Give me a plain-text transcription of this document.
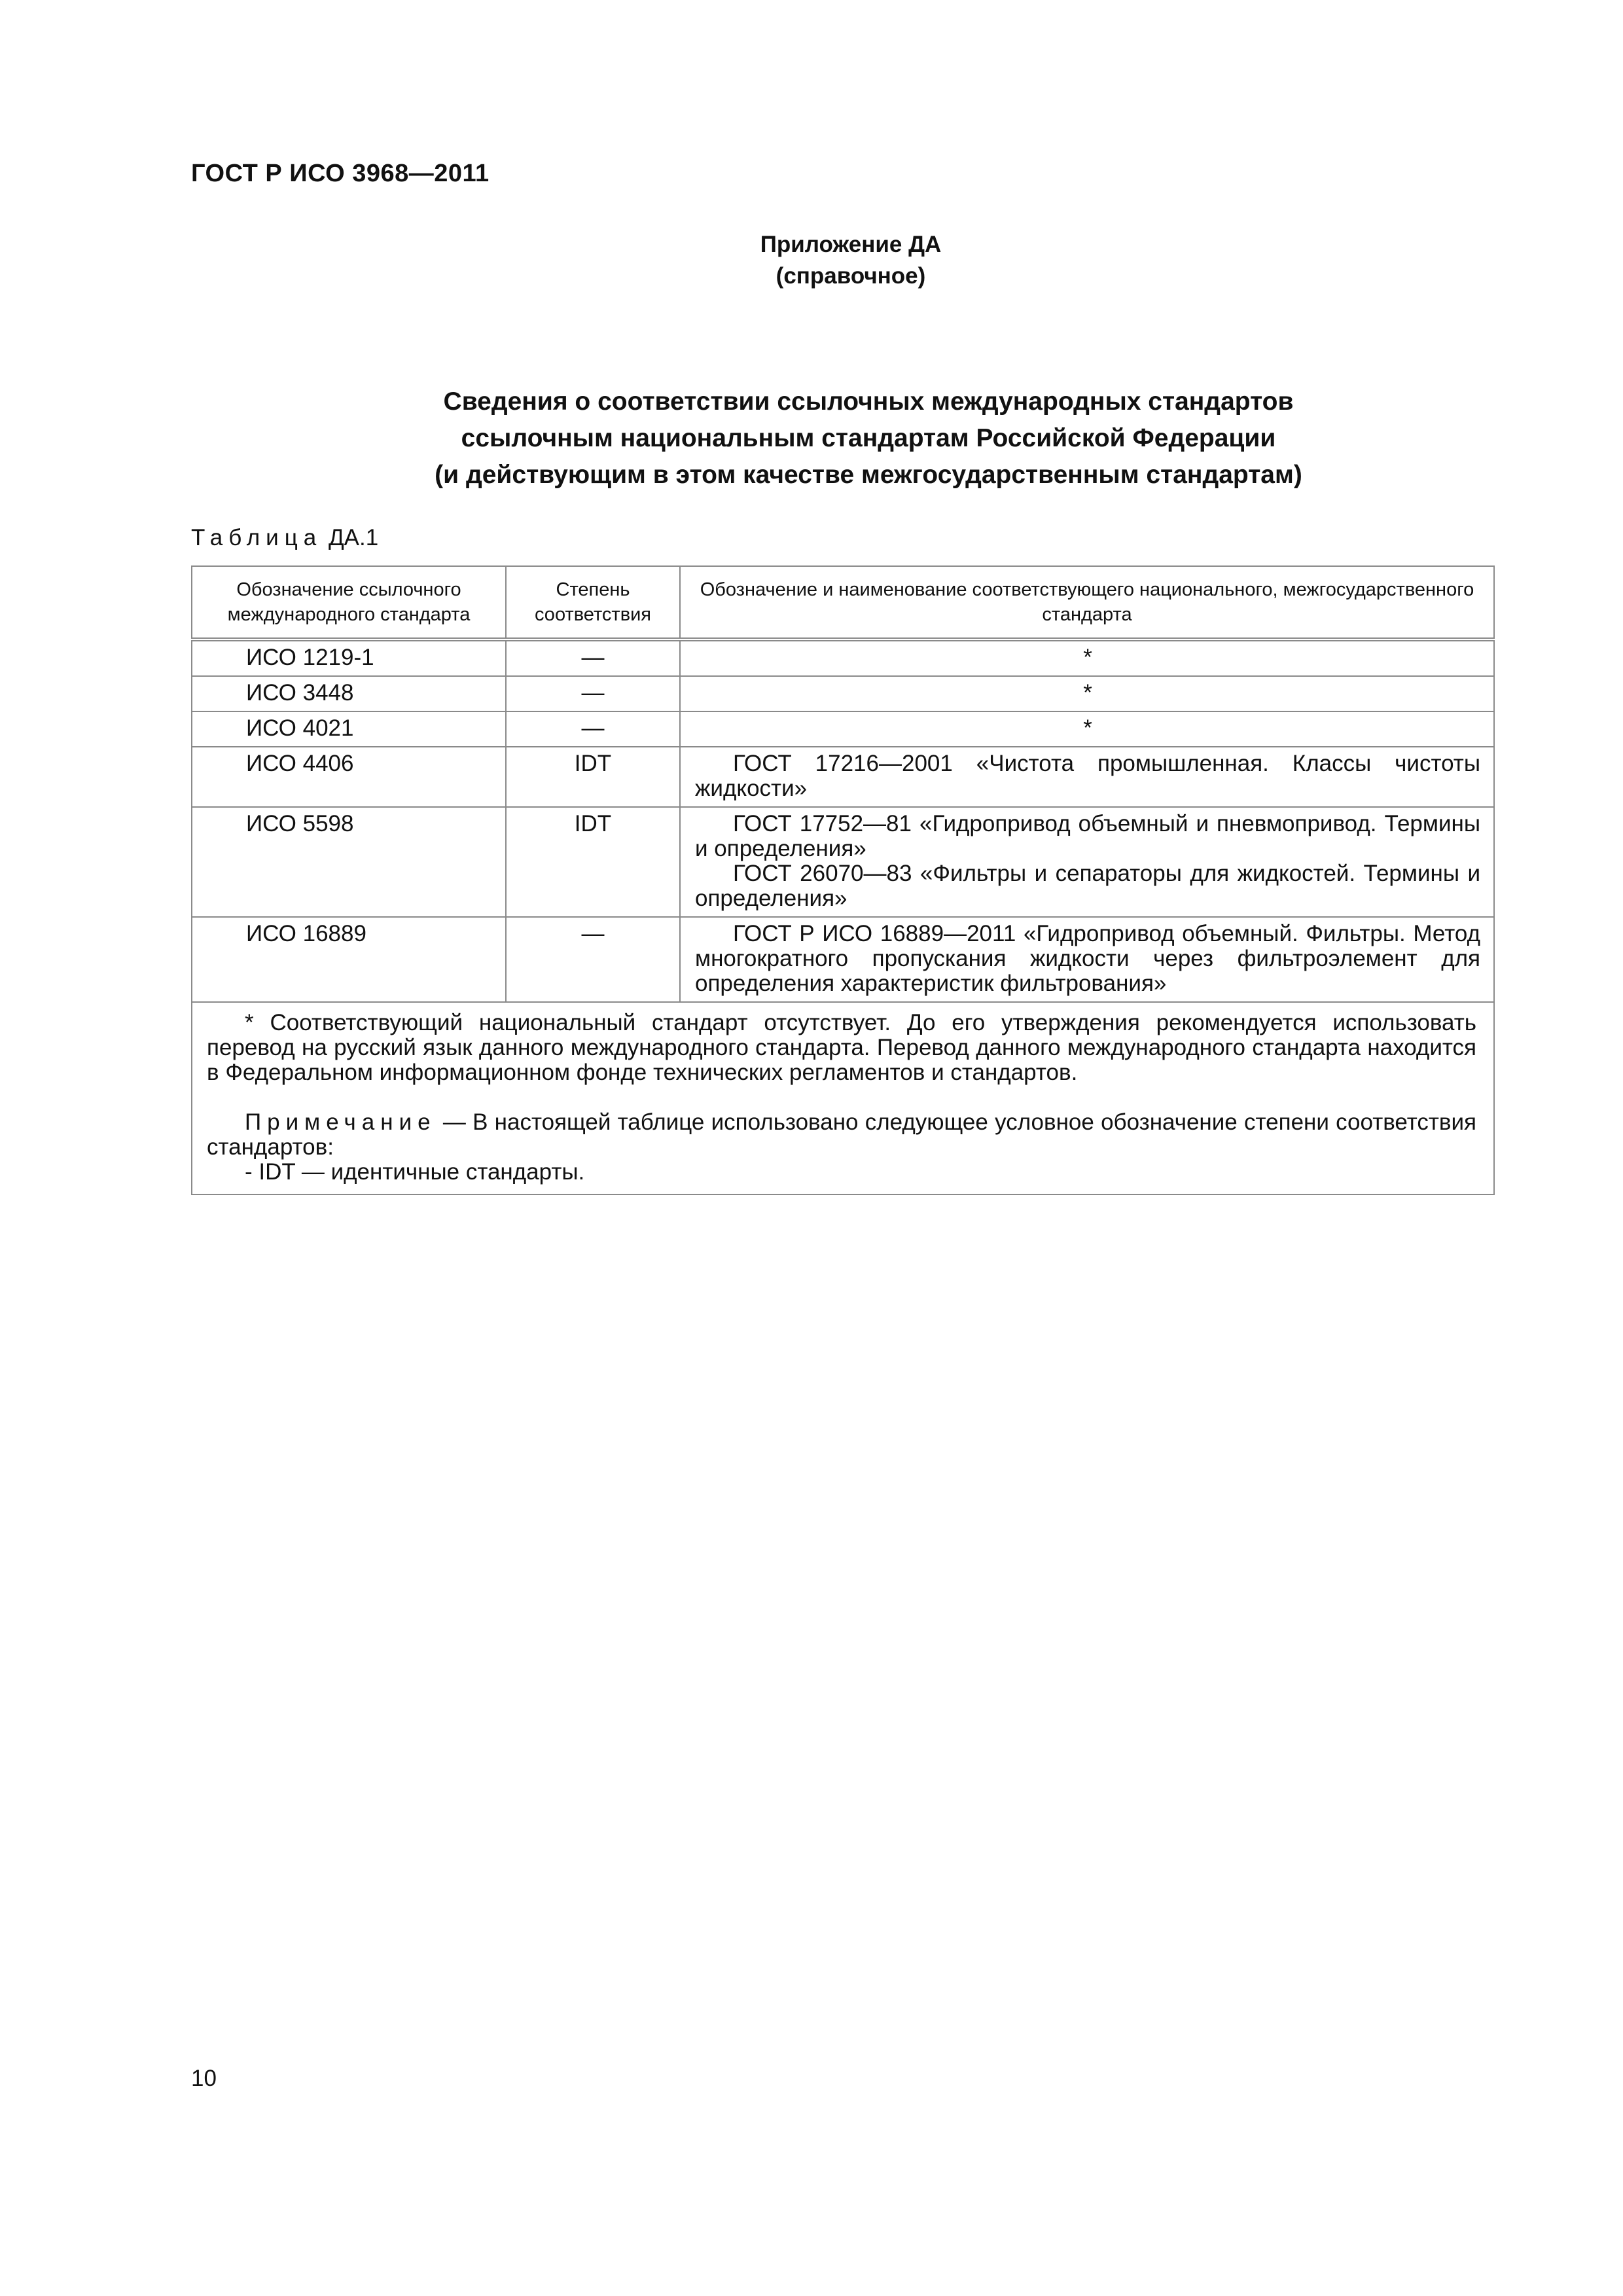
ГОСТ Р ИСО 3968—2011
Приложение ДА
(справочное)
Сведения о соответствии ссылочных международных стандартов
ссылочным национальным стандартам Российской Федерации
(и действующим в этом качестве межгосударственным стандартам)
Таблица ДА.1
Обозначение ссылочного международного стандарта	Степень соответствия	Обозначение и наименование соответствующего национального, межгосударственного стандарта
ИСО 1219-1	—	*
ИСО 3448	—	*
ИСО 4021	—	*
ИСО 4406	IDT	ГОСТ 17216—2001 «Чистота промышленная. Классы чистоты жидкости»

ИСО 5598	IDT	ГОСТ 17752—81 «Гидропривод объемный и пневмопривод. Термины и определения»

ГОСТ 26070—83 «Фильтры и сепараторы для жидкостей. Термины и определения»

ИСО 16889	—	ГОСТ Р ИСО 16889—2011 «Гидропривод объемный. Фильтры. Метод многократного пропускания жидкости через фильтроэлемент для определения характеристик фильтрования»

* Соответствующий национальный стандарт отсутствует. До его утверждения рекомендуется использовать перевод на русский язык данного международного стандарта. Перевод данного международного стандарта находится в Федеральном информационном фонде технических регламентов и стандартов.

Примечание — В настоящей таблице использовано следующее условное обозначение степени соответствия стандартов:

- IDT — идентичные стандарты.		

10
